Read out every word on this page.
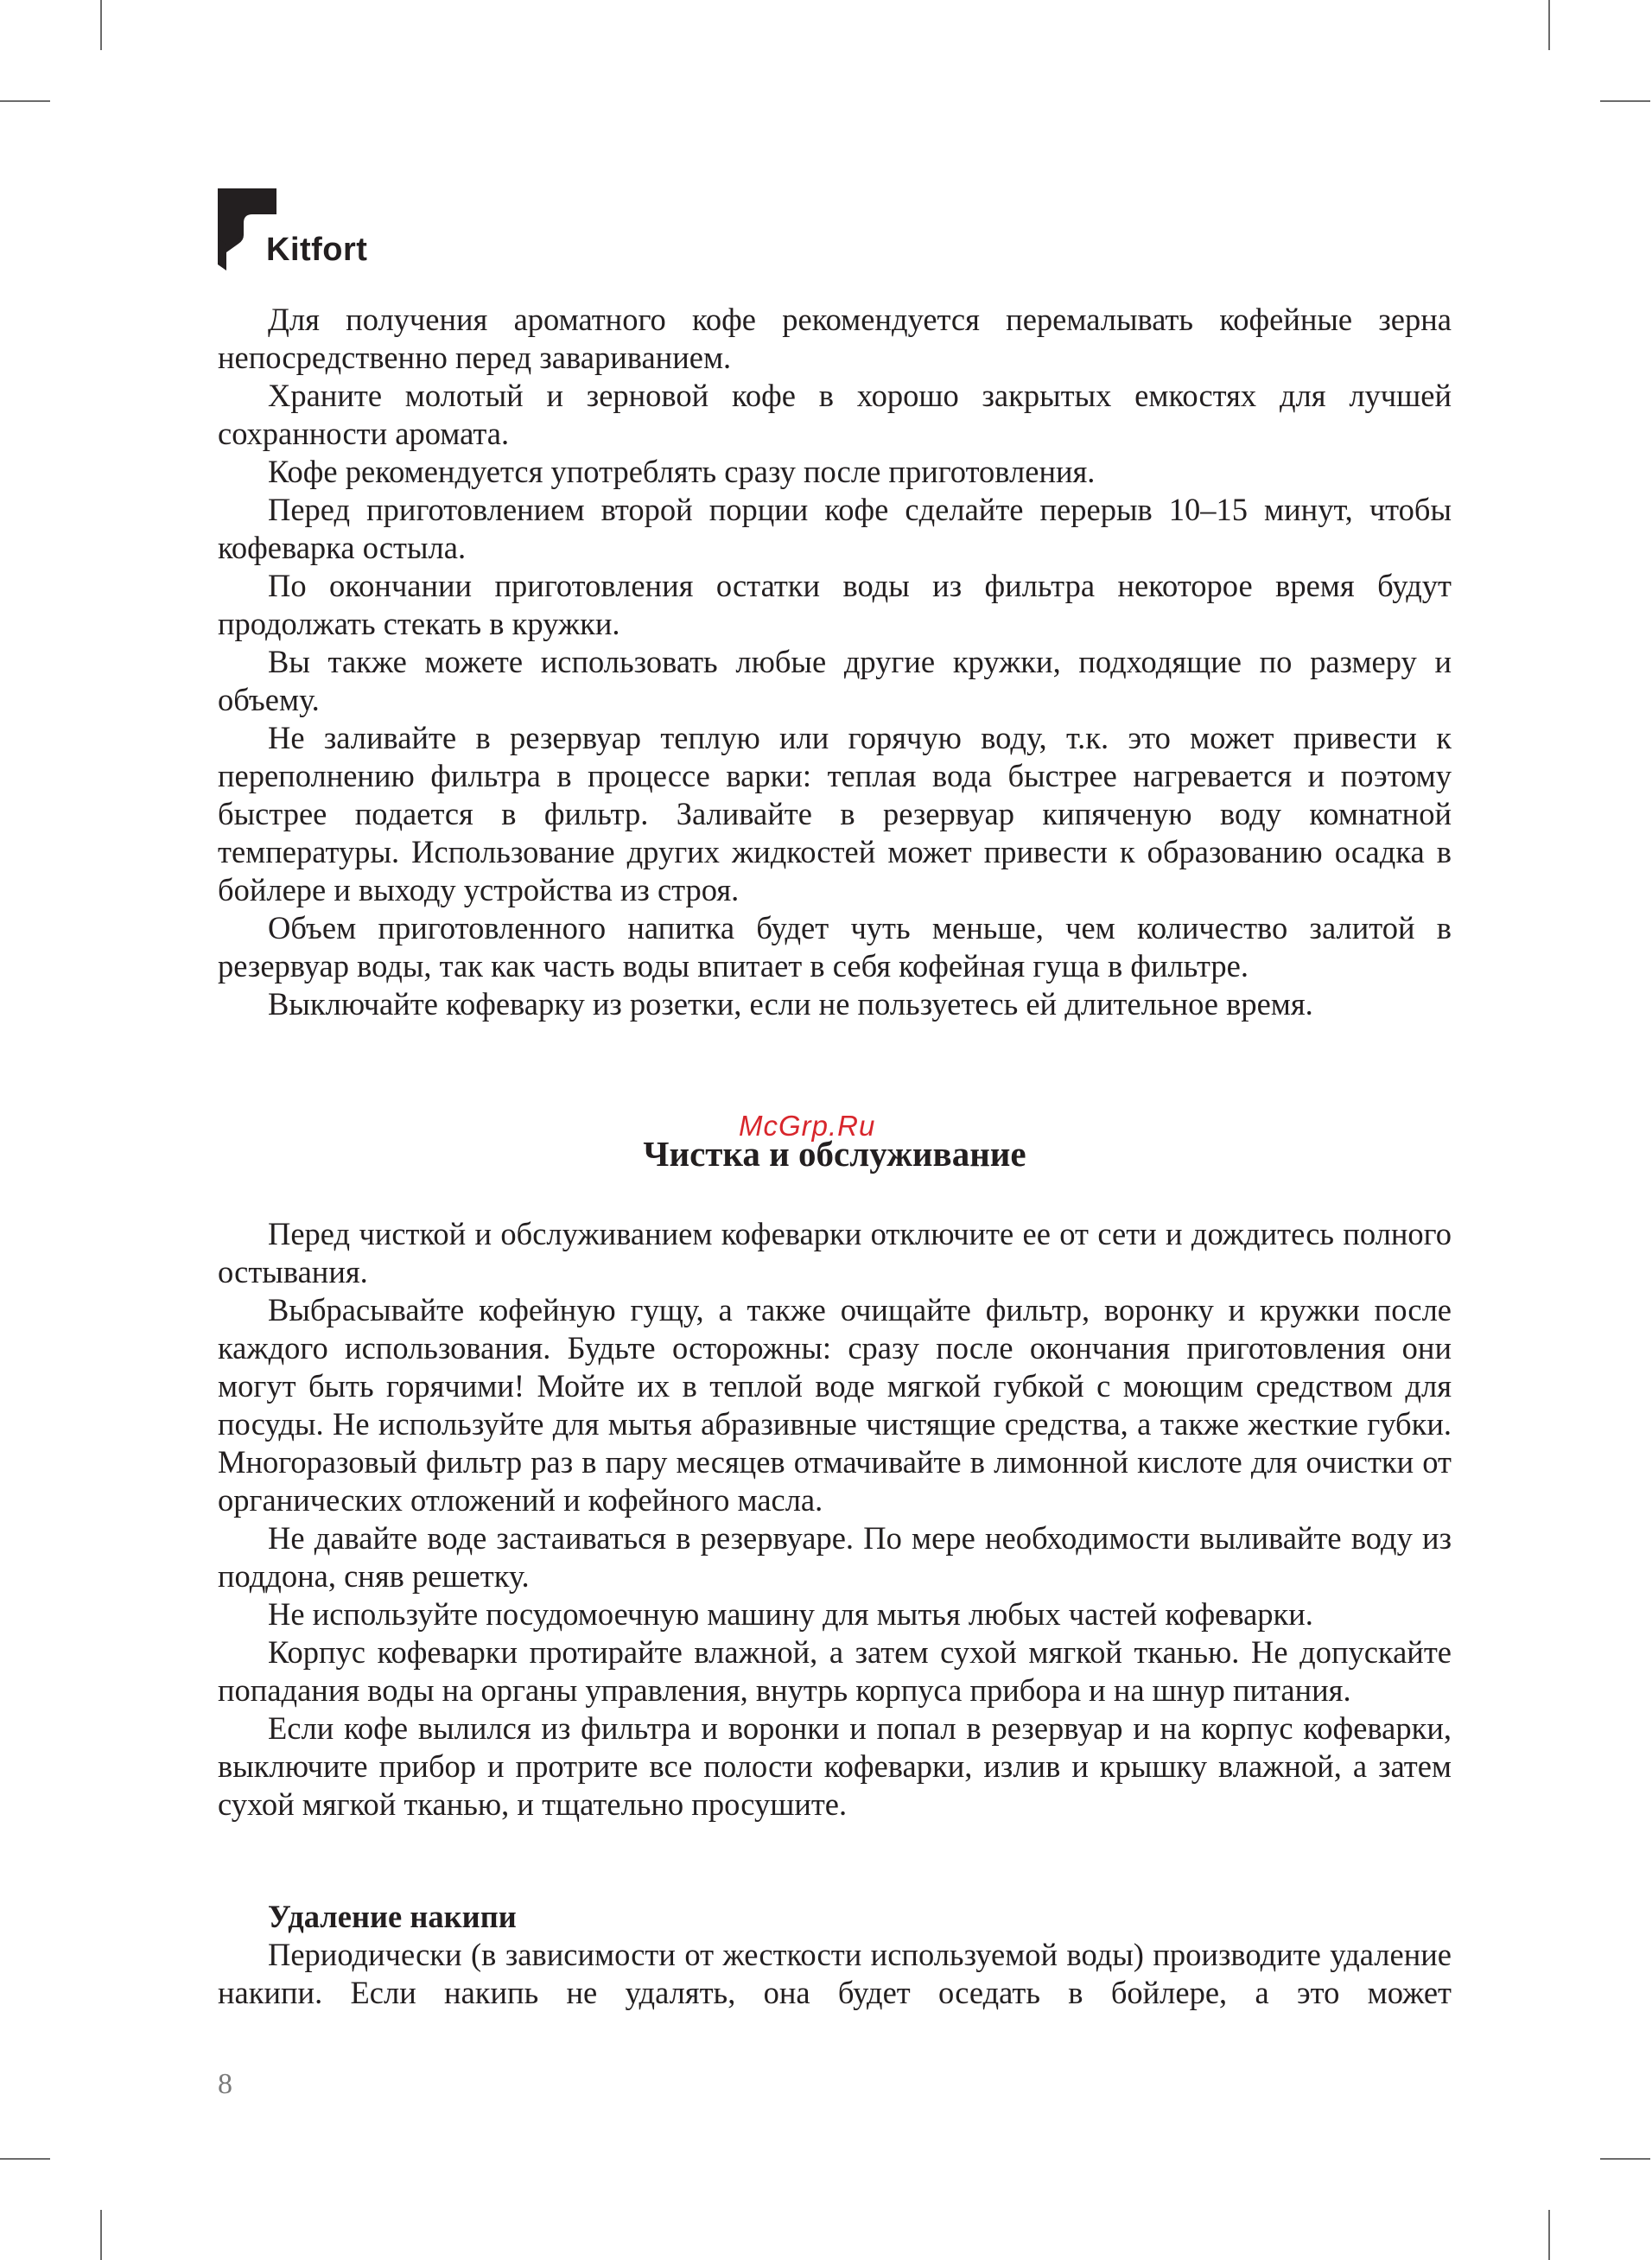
Kitfort

Для получения ароматного кофе рекомендуется перемалывать кофейные зерна непосредственно перед завариванием.

Храните молотый и зерновой кофе в хорошо закрытых емкостях для лучшей сохранности аромата.

Кофе рекомендуется употреблять сразу после приготовления.

Перед приготовлением второй порции кофе сделайте перерыв 10–15 минут, чтобы кофеварка остыла.

По окончании приготовления остатки воды из фильтра некоторое время будут продолжать стекать в кружки.

Вы также можете использовать любые другие кружки, подходящие по размеру и объему.

Не заливайте в резервуар теплую или горячую воду, т.к. это может привести к переполнению фильтра в процессе варки: теплая вода быстрее нагревается и поэтому быстрее подается в фильтр. Заливайте в резервуар кипяченую воду комнатной температуры. Использование других жидкостей может привести к образованию осадка в бойлере и выходу устройства из строя.

Объем приготовленного напитка будет чуть меньше, чем количество залитой в резервуар воды, так как часть воды впитает в себя кофейная гуща в фильтре.

Выключайте кофеварку из розетки, если не пользуетесь ей длительное время.

McGrp.Ru
Чистка и обслуживание

Перед чисткой и обслуживанием кофеварки отключите ее от сети и дождитесь полного остывания.

Выбрасывайте кофейную гущу, а также очищайте фильтр, воронку и кружки после каждого использования. Будьте осторожны: сразу после окончания приготовления они могут быть горячими! Мойте их в теплой воде мягкой губкой с моющим средством для посуды. Не используйте для мытья абразивные чистящие средства, а также жесткие губки. Многоразовый фильтр раз в пару месяцев отмачивайте в лимонной кислоте для очистки от органических отложений и кофейного масла.

Не давайте воде застаиваться в резервуаре. По мере необходимости выливайте воду из поддона, сняв решетку.

Не используйте посудомоечную машину для мытья любых частей кофеварки.

Корпус кофеварки протирайте влажной, а затем сухой мягкой тканью. Не допускайте попадания воды на органы управления, внутрь корпуса прибора и на шнур питания.

Если кофе вылился из фильтра и воронки и попал в резервуар и на корпус кофеварки, выключите прибор и протрите все полости кофеварки, излив и крышку влажной, а затем сухой мягкой тканью, и тщательно просушите.

Удаление накипи

Периодически (в зависимости от жесткости используемой воды) производите удаление накипи. Если накипь не удалять, она будет оседать в бойлере, а это может

8
